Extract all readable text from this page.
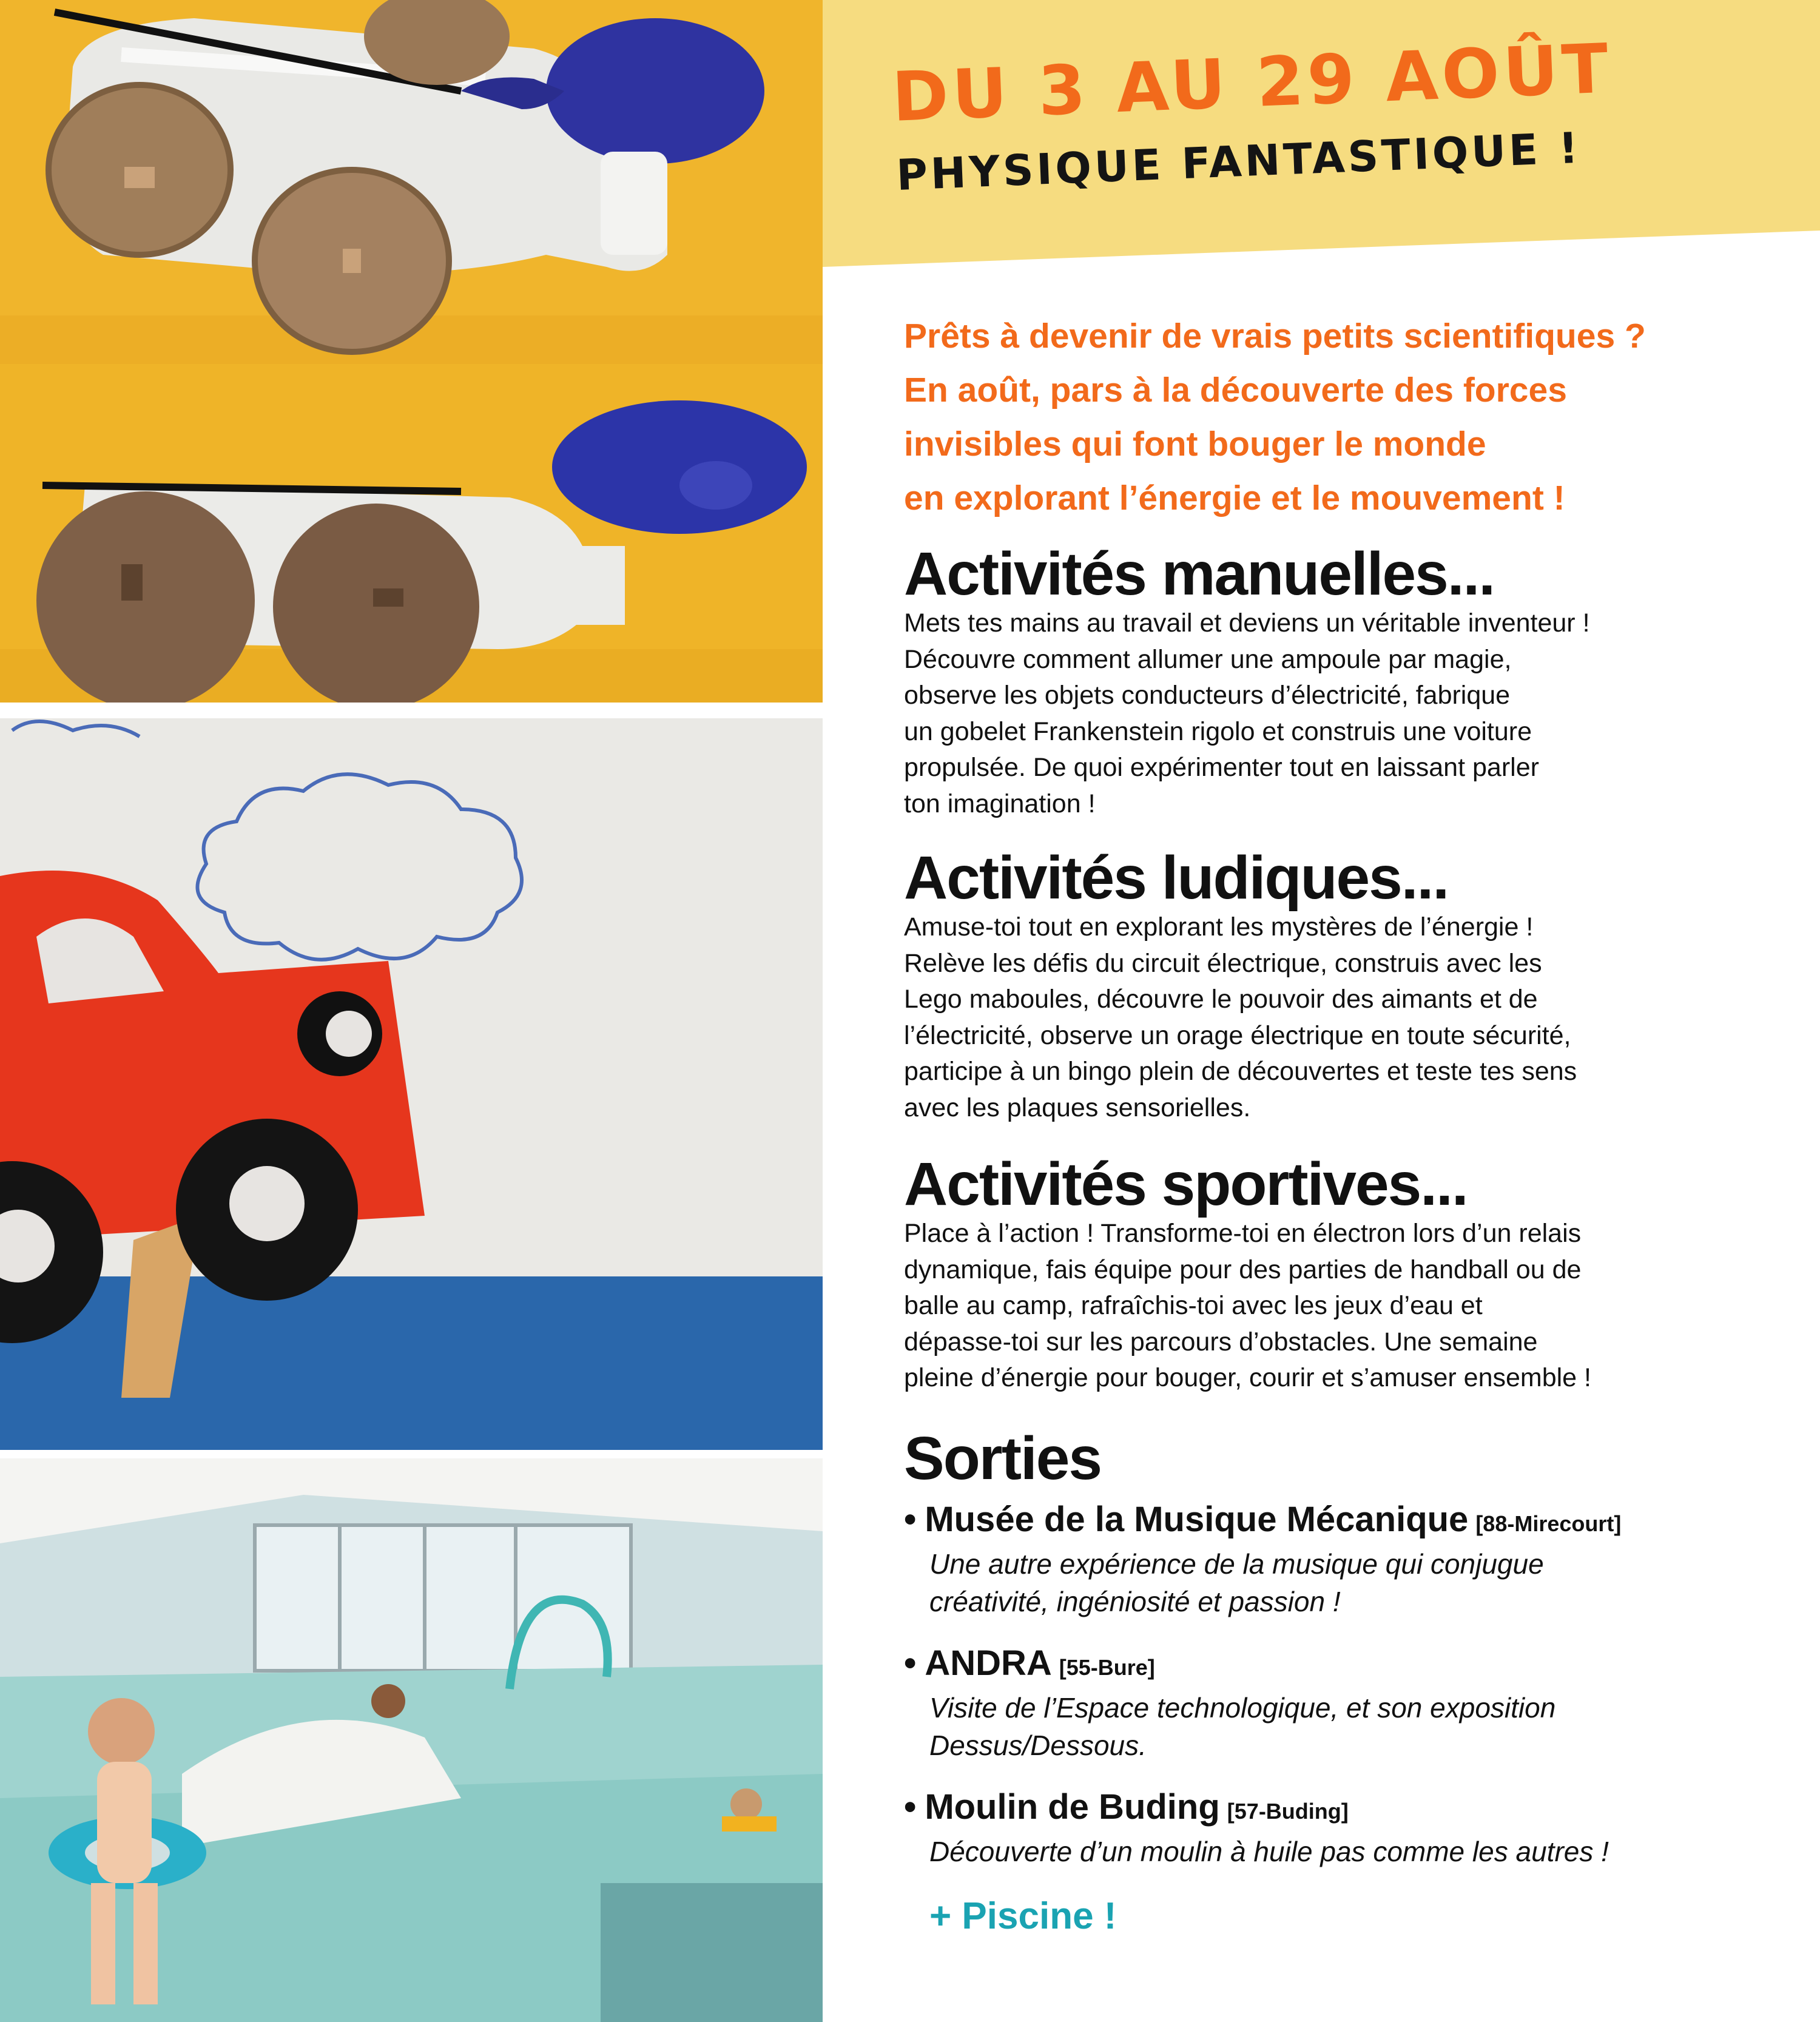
DU 3 AU 29 AOÛT
PHYSIQUE FANTASTIQUE !
Prêts à devenir de vrais petits scientifiques ?
En août, pars à la découverte des forces
invisibles qui font bouger le monde
en explorant l’énergie et le mouvement !
Activités manuelles...
Mets tes mains au travail et deviens un véritable inventeur !
Découvre comment allumer une ampoule par magie,
observe les objets conducteurs d’électricité, fabrique
un gobelet Frankenstein rigolo et construis une voiture
propulsée. De quoi expérimenter tout en laissant parler
ton imagination !
Activités ludiques...
Amuse-toi tout en explorant les mystères de l’énergie !
Relève les défis du circuit électrique, construis avec les
Lego maboules, découvre le pouvoir des aimants et de
l’électricité, observe un orage électrique en toute sécurité,
participe à un bingo plein de découvertes et teste tes sens
avec les plaques sensorielles.
Activités sportives...
Place à l’action ! Transforme-toi en électron lors d’un relais
dynamique, fais équipe pour des parties de handball ou de
balle au camp, rafraîchis-toi avec les jeux d’eau et
dépasse-toi sur les parcours d’obstacles. Une semaine
pleine d’énergie pour bouger, courir et s’amuser ensemble !
Sorties
• Musée de la Musique Mécanique [88-Mirecourt]
Une autre expérience de la musique qui conjugue
créativité, ingéniosité et passion !
• ANDRA [55-Bure]
Visite de l’Espace technologique, et son exposition
Dessus/Dessous.
• Moulin de Buding [57-Buding]
Découverte d’un moulin à huile pas comme les autres !
+ Piscine !
